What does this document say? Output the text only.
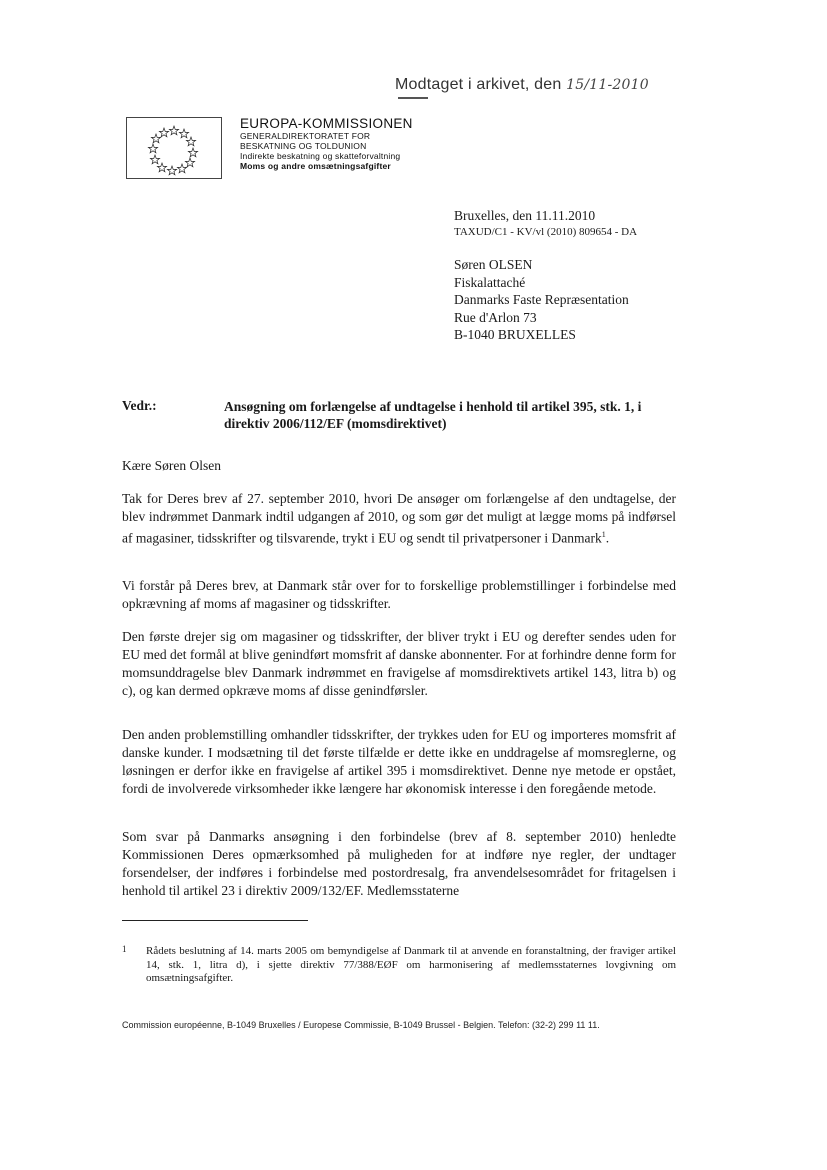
Modtaget i arkivet, den 15/11-2010
EUROPA-KOMMISSIONEN
GENERALDIREKTORATET FOR
BESKATNING OG TOLDUNION
Indirekte beskatning og skatteforvaltning
Moms og andre omsætningsafgifter
Bruxelles, den 11.11.2010
TAXUD/C1 - KV/vl (2010) 809654 - DA
Søren OLSEN
Fiskalattaché
Danmarks Faste Repræsentation
Rue d'Arlon 73
B-1040 BRUXELLES
Vedr.:	Ansøgning om forlængelse af undtagelse i henhold til artikel 395, stk. 1, i direktiv 2006/112/EF (momsdirektivet)
Kære Søren Olsen
Tak for Deres brev af 27. september 2010, hvori De ansøger om forlængelse af den undtagelse, der blev indrømmet Danmark indtil udgangen af 2010, og som gør det muligt at lægge moms på indførsel af magasiner, tidsskrifter og tilsvarende, trykt i EU og sendt til privatpersoner i Danmark$^1$.
Vi forstår på Deres brev, at Danmark står over for to forskellige problemstillinger i forbindelse med opkrævning af moms af magasiner og tidsskrifter.
Den første drejer sig om magasiner og tidsskrifter, der bliver trykt i EU og derefter sendes uden for EU med det formål at blive genindført momsfrit af danske abonnenter. For at forhindre denne form for momsunddragelse blev Danmark indrømmet en fravigelse af momsdirektivets artikel 143, litra b) og c), og kan dermed opkræve moms af disse genindførsler.
Den anden problemstilling omhandler tidsskrifter, der trykkes uden for EU og importeres momsfrit af danske kunder. I modsætning til det første tilfælde er dette ikke en unddragelse af momsreglerne, og løsningen er derfor ikke en fravigelse af artikel 395 i momsdirektivet. Denne nye metode er opstået, fordi de involverede virksomheder ikke længere har økonomisk interesse i den foregående metode.
Som svar på Danmarks ansøgning i den forbindelse (brev af 8. september 2010) henledte Kommissionen Deres opmærksomhed på muligheden for at indføre nye regler, der undtager forsendelser, der indføres i forbindelse med postordresalg, fra anvendelsesområdet for fritagelsen i henhold til artikel 23 i direktiv 2009/132/EF. Medlemsstaterne
1 Rådets beslutning af 14. marts 2005 om bemyndigelse af Danmark til at anvende en foranstaltning, der fraviger artikel 14, stk. 1, litra d), i sjette direktiv 77/388/EØF om harmonisering af medlemsstaternes lovgivning om omsætningsafgifter.
Commission européenne, B-1049 Bruxelles / Europese Commissie, B-1049 Brussel - Belgien. Telefon: (32-2) 299 11 11.
